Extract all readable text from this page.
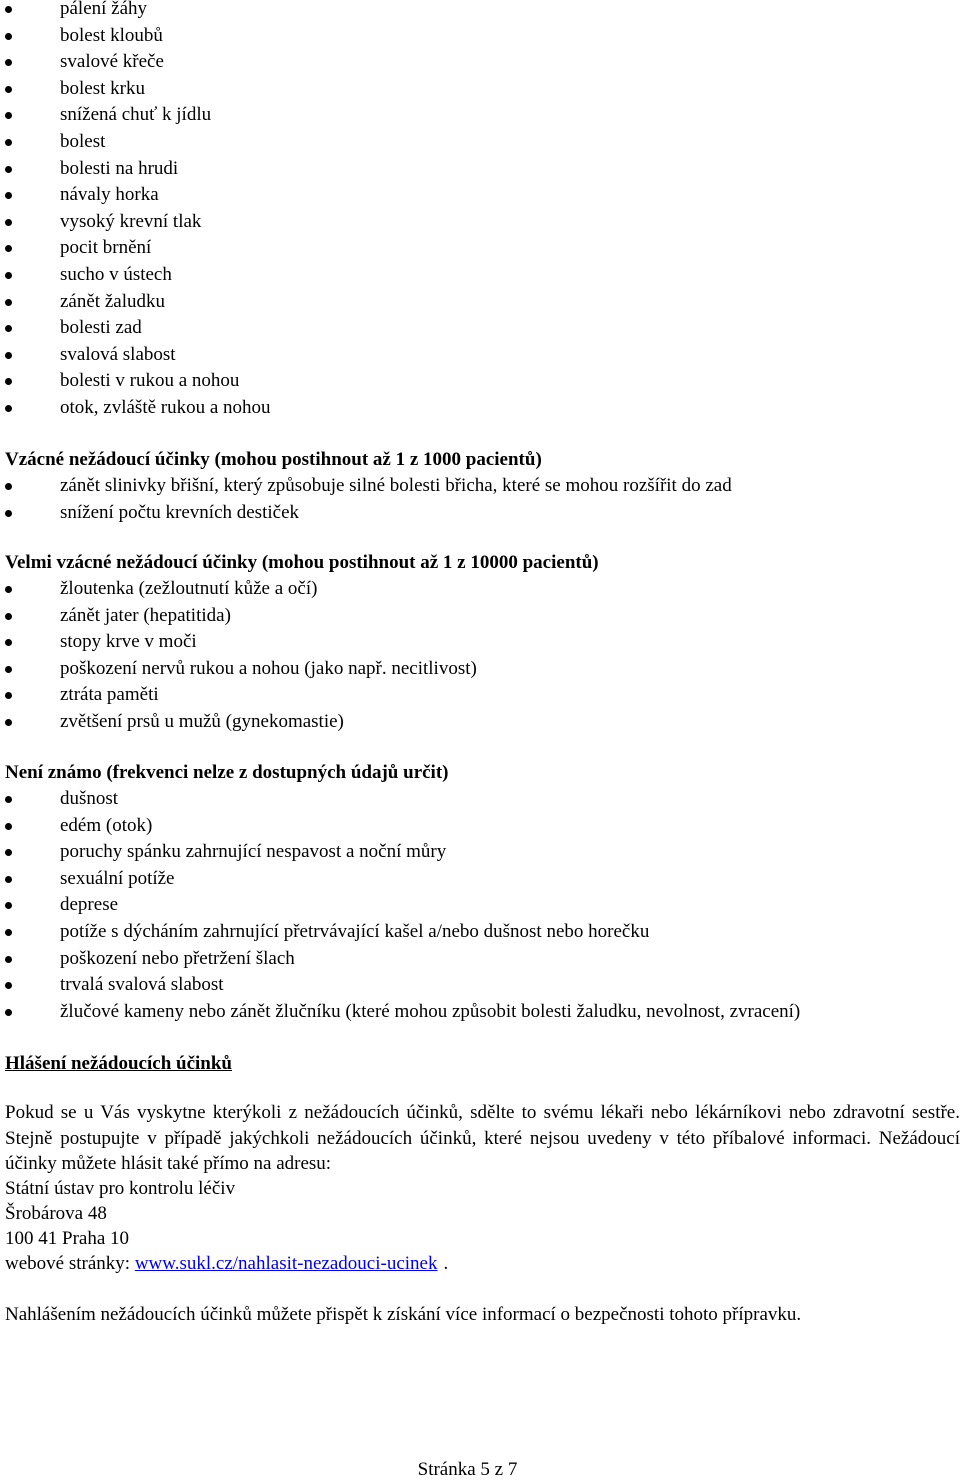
pálení žáhy
bolest kloubů
svalové křeče
bolest krku
snížená chuť k jídlu
bolest
bolesti na hrudi
návaly horka
vysoký krevní tlak
pocit brnění
sucho v ústech
zánět žaludku
bolesti zad
svalová slabost
bolesti v rukou a nohou
otok, zvláště rukou a nohou
Vzácné nežádoucí účinky (mohou postihnout až 1 z 1000 pacientů)
zánět slinivky břišní, který způsobuje silné bolesti břicha, které se mohou rozšířit do zad
snížení počtu krevních destiček
Velmi vzácné nežádoucí účinky (mohou postihnout až 1 z 10000 pacientů)
žloutenka (zežloutnutí kůže a očí)
zánět jater (hepatitida)
stopy krve v moči
poškození nervů rukou a nohou (jako např. necitlivost)
ztráta paměti
zvětšení prsů u mužů (gynekomastie)
Není známo (frekvenci nelze z dostupných údajů určit)
dušnost
edém (otok)
poruchy spánku zahrnující nespavost a noční můry
sexuální potíže
deprese
potíže s dýcháním zahrnující přetrvávající kašel a/nebo dušnost nebo horečku
poškození nebo přetržení šlach
trvalá svalová slabost
žlučové kameny nebo zánět žlučníku (které mohou způsobit bolesti žaludku, nevolnost, zvracení)
Hlášení nežádoucích účinků
Pokud se u Vás vyskytne kterýkoli z nežádoucích účinků, sdělte to svému lékaři nebo lékárníkovi nebo zdravotní sestře. Stejně postupujte v případě jakýchkoli nežádoucích účinků, které nejsou uvedeny v této příbalové informaci. Nežádoucí účinky můžete hlásit také přímo na adresu:
Státní ústav pro kontrolu léčiv
Šrobárova 48
100 41 Praha 10
webové stránky: www.sukl.cz/nahlasit-nezadouci-ucinek .
Nahlášením nežádoucích účinků můžete přispět k získání více informací o bezpečnosti tohoto přípravku.
Stránka 5 z 7
